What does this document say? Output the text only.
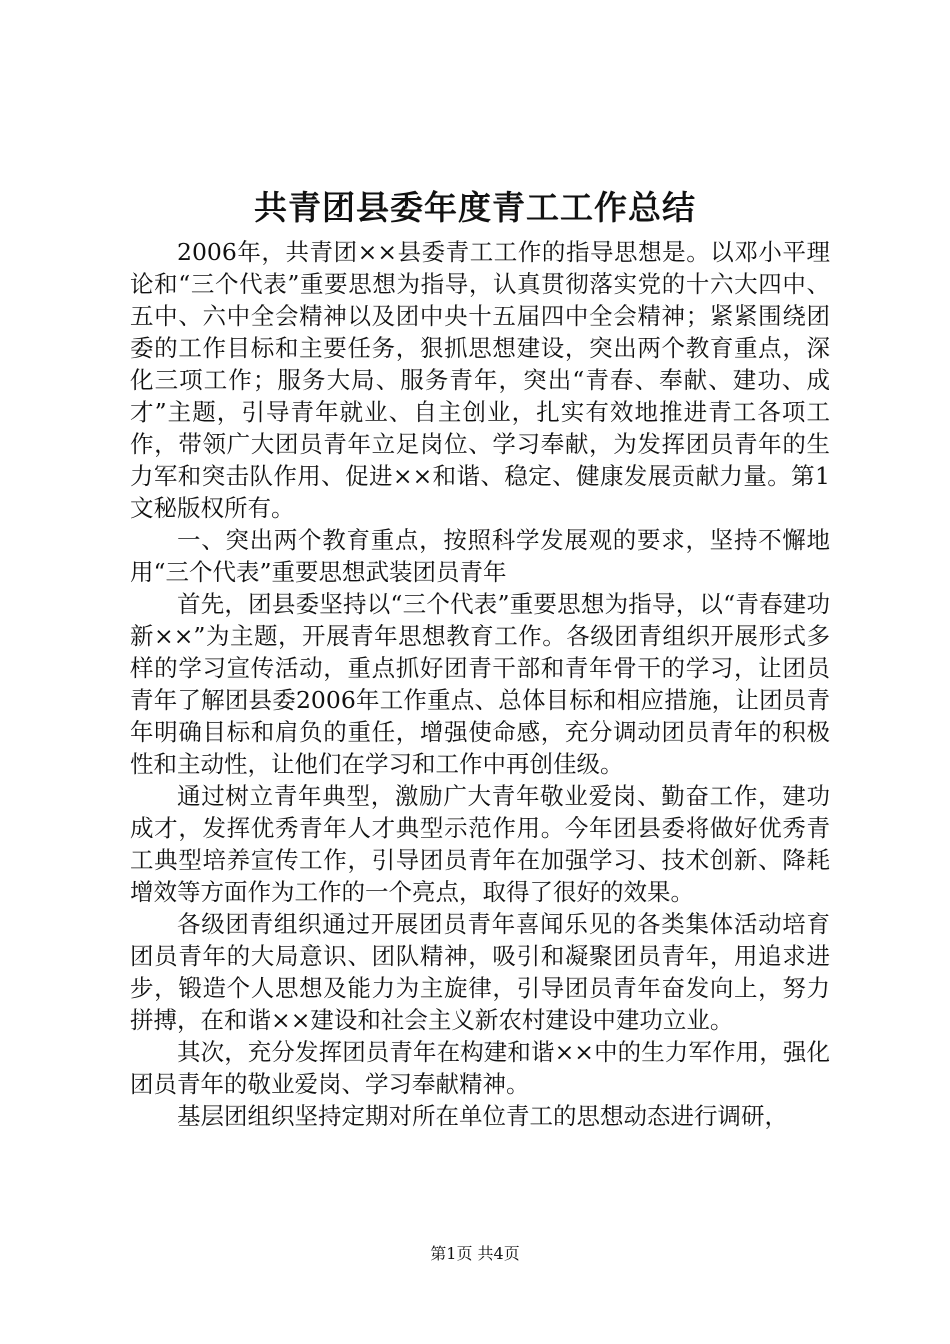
共青团县委年度青工工作总结

2006年，共青团××县委青工工作的指导思想是。以邓小平理论和“三个代表”重要思想为指导，认真贯彻落实党的十六大四中、五中、六中全会精神以及团中央十五届四中全会精神；紧紧围绕团委的工作目标和主要任务，狠抓思想建设，突出两个教育重点，深化三项工作；服务大局、服务青年，突出“青春、奉献、建功、成才”主题，引导青年就业、自主创业，扎实有效地推进青工各项工作，带领广大团员青年立足岗位、学习奉献，为发挥团员青年的生力军和突击队作用、促进××和谐、稳定、健康发展贡献力量。第1文秘版权所有。

一、突出两个教育重点，按照科学发展观的要求，坚持不懈地用“三个代表”重要思想武装团员青年

首先，团县委坚持以“三个代表”重要思想为指导，以“青春建功新××”为主题，开展青年思想教育工作。各级团青组织开展形式多样的学习宣传活动，重点抓好团青干部和青年骨干的学习，让团员青年了解团县委2006年工作重点、总体目标和相应措施，让团员青年明确目标和肩负的重任，增强使命感，充分调动团员青年的积极性和主动性，让他们在学习和工作中再创佳级。

通过树立青年典型，激励广大青年敬业爱岗、勤奋工作，建功成才，发挥优秀青年人才典型示范作用。今年团县委将做好优秀青工典型培养宣传工作，引导团员青年在加强学习、技术创新、降耗增效等方面作为工作的一个亮点，取得了很好的效果。

各级团青组织通过开展团员青年喜闻乐见的各类集体活动培育团员青年的大局意识、团队精神，吸引和凝聚团员青年，用追求进步，锻造个人思想及能力为主旋律，引导团员青年奋发向上，努力拼搏，在和谐××建设和社会主义新农村建设中建功立业。

其次，充分发挥团员青年在构建和谐××中的生力军作用，强化团员青年的敬业爱岗、学习奉献精神。

基层团组织坚持定期对所在单位青工的思想动态进行调研，

第1页 共4页
